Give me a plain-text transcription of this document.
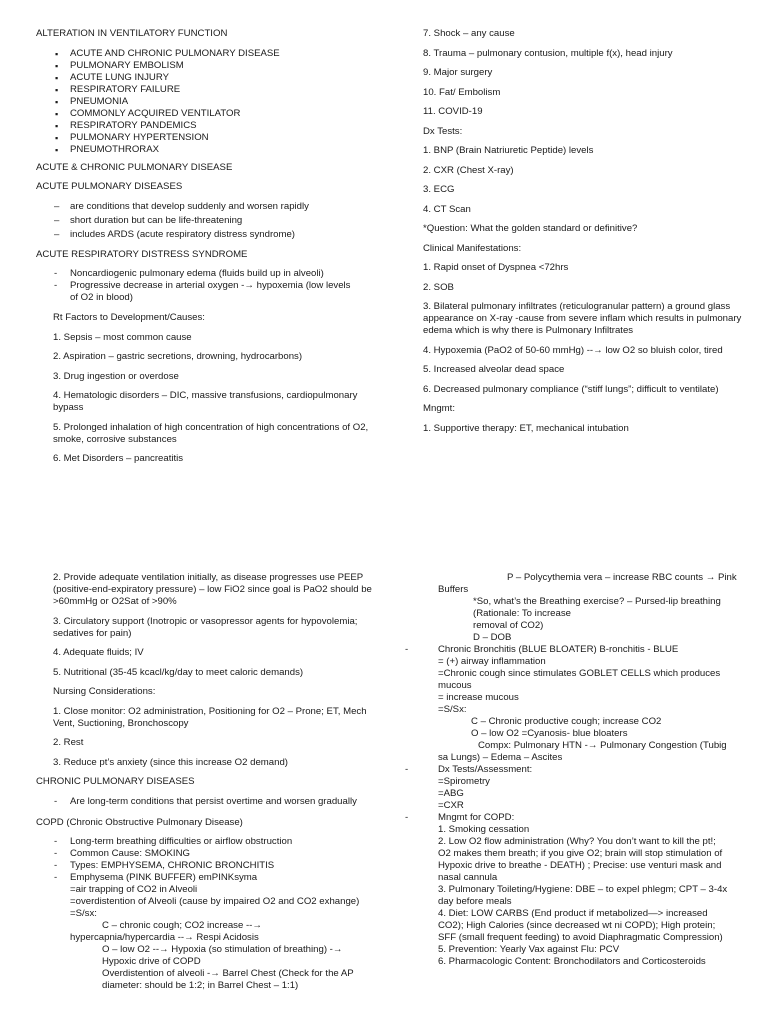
ALTERATION IN VENTILATORY FUNCTION

▪ ACUTE AND CHRONIC PULMONARY DISEASE
▪ PULMONARY EMBOLISM
▪ ACUTE LUNG INJURY
▪ RESPIRATORY FAILURE
▪ PNEUMONIA
▪ COMMONLY ACQUIRED VENTILATOR
▪ RESPIRATORY PANDEMICS
▪ PULMONARY HYPERTENSION
▪ PNEUMOTHRORAX

ACUTE & CHRONIC PULMONARY DISEASE

ACUTE PULMONARY DISEASES

– are conditions that develop suddenly and worsen rapidly
– short duration but can be life-threatening
– includes ARDS (acute respiratory distress syndrome)

ACUTE RESPIRATORY DISTRESS SYNDROME

- Noncardiogenic pulmonary edema (fluids build up in alveoli)
- Progressive decrease in arterial oxygen -→ hypoxemia (low levels
of O2 in blood)

Rt Factors to Development/Causes:

1. Sepsis – most common cause

2. Aspiration – gastric secretions, drowning, hydrocarbons)

3. Drug ingestion or overdose

4. Hematologic disorders – DIC, massive transfusions, cardiopulmonary bypass

5. Prolonged inhalation of high concentration of high concentrations of O2, smoke, corrosive substances

6. Met Disorders – pancreatitis

7. Shock – any cause

8. Trauma – pulmonary contusion, multiple f(x), head injury

9. Major surgery

10. Fat/ Embolism

11. COVID-19

Dx Tests:

1. BNP (Brain Natriuretic Peptide) levels

2. CXR (Chest X-ray)

3. ECG

4. CT Scan

*Question: What the golden standard or definitive?

Clinical Manifestations:

1. Rapid onset of Dyspnea <72hrs

2. SOB

3. Bilateral pulmonary infiltrates (reticulogranular pattern) a ground glass appearance on X-ray -cause from severe inflam which results in pulmonary edema which is why there is Pulmonary Infiltrates

4. Hypoxemia (PaO2 of 50-60 mmHg) --→ low O2 so bluish color, tired

5. Increased alveolar dead space

6. Decreased pulmonary compliance (“stiff lungs”; difficult to ventilate)

Mngmt:

1. Supportive therapy: ET, mechanical intubation

2. Provide adequate ventilation initially, as disease progresses use PEEP (positive-end-expiratory pressure) – low FiO2 since goal is PaO2 should be >60mmHg or O2Sat of >90%

3. Circulatory support (Inotropic or vasopressor agents for hypovolemia; sedatives for pain)

4. Adequate fluids; IV

5. Nutritional (35-45 kcacl/kg/day to meet caloric demands)

Nursing Considerations:

1. Close monitor: O2 administration, Positioning for O2 – Prone; ET, Mech Vent, Suctioning, Bronchoscopy

2. Rest

3. Reduce pt’s anxiety (since this increase O2 demand)

CHRONIC PULMONARY DISEASES

- Are long-term conditions that persist overtime and worsen gradually

COPD (Chronic Obstructive Pulmonary Disease)

- Long-term breathing difficulties or airflow obstruction
- Common Cause: SMOKING
- Types: EMPHYSEMA, CHRONIC BRONCHITIS
- Emphysema (PINK BUFFER) emPINKsyma

=air trapping of CO2 in Alveoli

=overdistention of Alveoli (cause by impaired O2 and CO2 exhange)

=S/sx:

C – chronic cough; CO2 increase --→

hypercapnia/hypercardia --→ Respi Acidosis

O – low O2 --→ Hypoxia (so stimulation of breathing) -→

Hypoxic drive of COPD

Overdistention of alveoli -→ Barrel Chest (Check for the AP

diameter: should be 1:2; in Barrel Chest – 1:1)

P – Polycythemia vera – increase RBC counts → Pink

Buffers

*So, what’s the Breathing exercise? – Pursed-lip breathing

(Rationale: To increase

removal of CO2)

D – DOB

- Chronic Bronchitis (BLUE BLOATER) B-ronchitis - BLUE

= (+) airway inflammation

=Chronic cough since stimulates GOBLET CELLS which produces

mucous

= increase mucous

=S/Sx:

C – Chronic productive cough; increase CO2

O – low O2 =Cyanosis- blue bloaters

Compx: Pulmonary HTN -→ Pulmonary Congestion (Tubig

sa Lungs) – Edema – Ascites

- Dx Tests/Assessment:

=Spirometry

=ABG

=CXR

- Mngmt for COPD:

1. Smoking cessation

2. Low O2 flow administration (Why? You don’t want to kill the pt!;

O2 makes them breath; if you give O2; brain will stop stimulation of

Hypoxic drive to breathe - DEATH) ; Precise: use venturi mask and

nasal cannula

3. Pulmonary Toileting/Hygiene: DBE – to expel phlegm; CPT – 3-4x

day before meals

4. Diet: LOW CARBS (End product if metabolized—> increased

CO2); High Calories (since decreased wt ni COPD); High protein;

SFF (small frequent feeding) to avoid Diaphragmatic Compression)

5. Prevention: Yearly Vax against Flu: PCV

6. Pharmacologic Content: Bronchodilators and Corticosteroids
